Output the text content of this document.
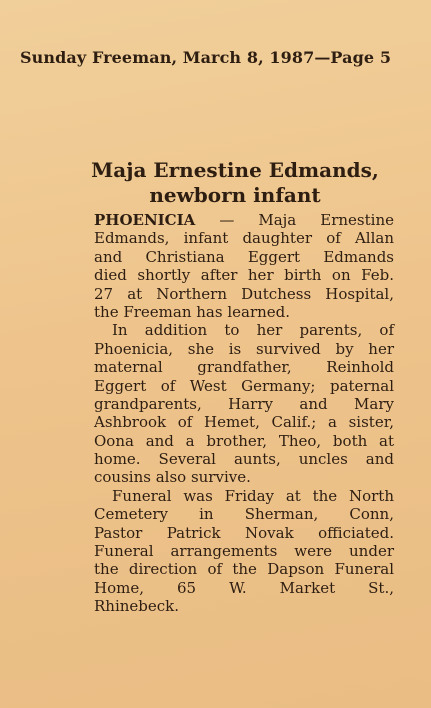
Sunday Freeman, March 8, 1987—Page 5
Maja Ernestine Edmands,
newborn infant
PHOENICIA — Maja Ernestine
Edmands, infant daughter of Allan
and Christiana Eggert Edmands
died shortly after her birth on Feb.
27 at Northern Dutchess Hospital,
the Freeman has learned.
In addition to her parents, of
Phoenicia, she is survived by her
maternal grandfather, Reinhold
Eggert of West Germany; paternal
grandparents, Harry and Mary
Ashbrook of Hemet, Calif.; a sister,
Oona and a brother, Theo, both at
home. Several aunts, uncles and
cousins also survive.
Funeral was Friday at the North
Cemetery in Sherman, Conn,
Pastor Patrick Novak officiated.
Funeral arrangements were under
the direction of the Dapson Funeral
Home, 65 W. Market St.,
Rhinebeck.
